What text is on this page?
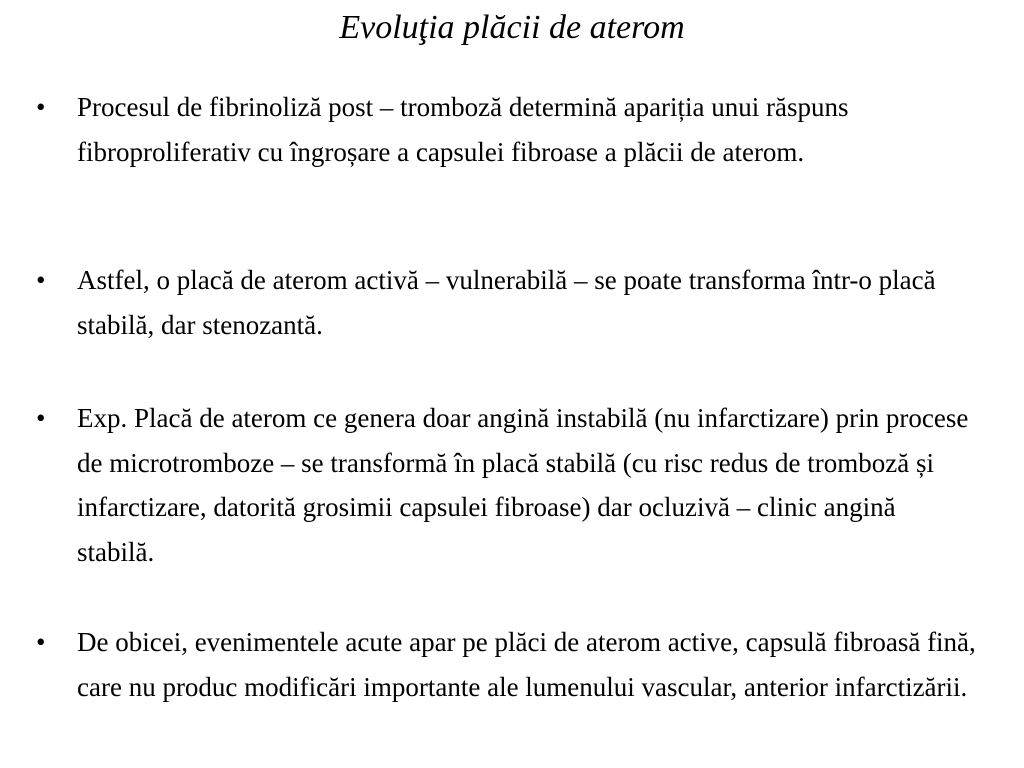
Evoluţia plăcii de aterom
•	Procesul de fibrinoliză post – tromboză determină apariția unui răspuns fibroproliferativ cu îngroșare a capsulei fibroase a plăcii de aterom.
•	Astfel, o placă de aterom activă – vulnerabilă – se poate transforma într-o placă stabilă, dar stenozantă.
•	Exp. Placă de aterom ce genera doar angină instabilă (nu infarctizare) prin procese de microtromboze – se transformă în placă stabilă (cu risc redus de tromboză și infarctizare, datorită grosimii capsulei fibroase) dar ocluzivă – clinic angină stabilă.
•	De obicei, evenimentele acute apar pe plăci de aterom active, capsulă fibroasă fină, care nu produc modificări importante ale lumenului vascular, anterior infarctizării.
